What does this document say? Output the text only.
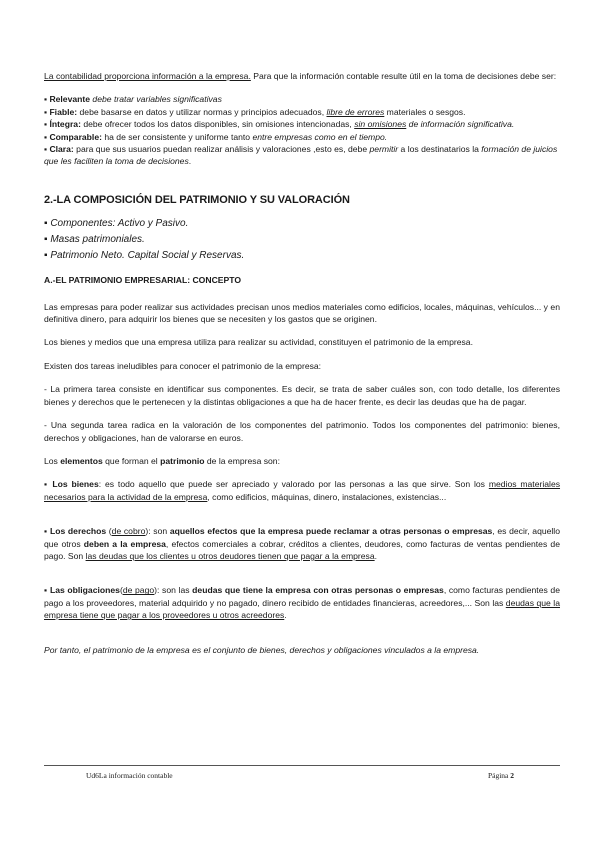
La contabilidad proporciona información a la empresa. Para que la información contable resulte útil en la toma de decisiones debe ser:

▪ Relevante debe tratar variables significativas

▪ Fiable: debe basarse en datos y utilizar normas y principios adecuados, libre de errores materiales o sesgos.

▪ Íntegra: debe ofrecer todos los datos disponibles, sin omisiones intencionadas, sin omisiones de información significativa.

▪ Comparable: ha de ser consistente y uniforme tanto entre empresas como en el tiempo.

▪ Clara: para que sus usuarios puedan realizar análisis y valoraciones ,esto es, debe permitir a los destinatarios la formación de juicios que les faciliten la toma de decisiones.

2.-LA COMPOSICIÓN DEL PATRIMONIO Y SU VALORACIÓN
▪ Componentes: Activo y Pasivo.
▪ Masas patrimoniales.
▪ Patrimonio Neto. Capital Social y Reservas.
A.-EL PATRIMONIO EMPRESARIAL: CONCEPTO

Las empresas para poder realizar sus actividades precisan unos medios materiales como edificios, locales, máquinas, vehículos... y en definitiva dinero, para adquirir los bienes que se necesiten y los gastos que se originen.

Los bienes y medios que una empresa utiliza para realizar su actividad, constituyen el patrimonio de la empresa.

Existen dos tareas ineludibles para conocer el patrimonio de la empresa:

- La primera tarea consiste en identificar sus componentes. Es decir, se trata de saber cuáles son, con todo detalle, los diferentes bienes y derechos que le pertenecen y la distintas obligaciones a que ha de hacer frente, es decir las deudas que ha de pagar.

- Una segunda tarea radica en la valoración de los componentes del patrimonio. Todos los componentes del patrimonio: bienes, derechos y obligaciones, han de valorarse en euros.

Los elementos que forman el patrimonio de la empresa son:

▪ Los bienes: es todo aquello que puede ser apreciado y valorado por las personas a las que sirve. Son los medios materiales necesarios para la actividad de la empresa, como edificios, máquinas, dinero, instalaciones, existencias...

▪ Los derechos (de cobro): son aquellos efectos que la empresa puede reclamar a otras personas o empresas, es decir, aquello que otros deben a la empresa, efectos comerciales a cobrar, créditos a clientes, deudores, como facturas de ventas pendientes de pago. Son las deudas que los clientes u otros deudores tienen que pagar a la empresa.

▪ Las obligaciones(de pago): son las deudas que tiene la empresa con otras personas o empresas, como facturas pendientes de pago a los proveedores, material adquirido y no pagado, dinero recibido de entidades financieras, acreedores,... Son las deudas que la empresa tiene que pagar a los proveedores u otros acreedores.

Por tanto, el patrimonio de la empresa es el conjunto de bienes, derechos y obligaciones vinculados a la empresa.

Ud6La información contable	Página 2
